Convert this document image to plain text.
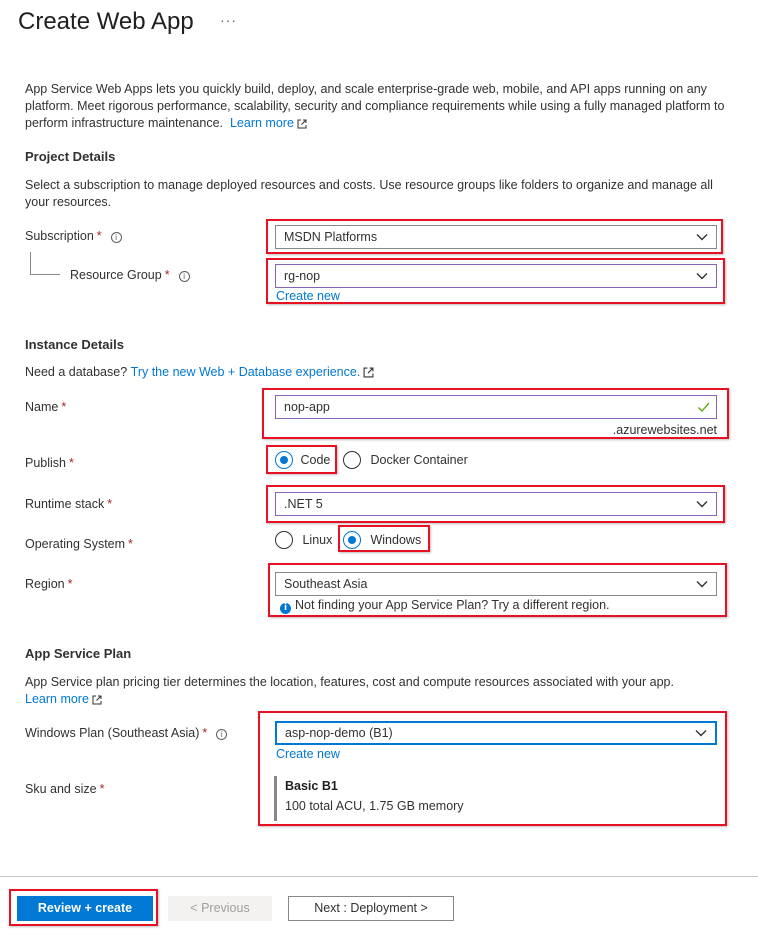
Create Web App ···
App Service Web Apps lets you quickly build, deploy, and scale enterprise-grade web, mobile, and API apps running on any platform. Meet rigorous performance, scalability, security and compliance requirements while using a fully managed platform to perform infrastructure maintenance. Learn more
Project Details
Select a subscription to manage deployed resources and costs. Use resource groups like folders to organize and manage all your resources.
Subscription * i	MSDN Platforms
Resource Group * i	rg-nop
Create new
Instance Details
Need a database? Try the new Web + Database experience.
Name *	nop-app
.azurewebsites.net
Publish *	Code	Docker Container
Runtime stack *	.NET 5
Operating System *	Linux	Windows
Region *	Southeast Asia
i Not finding your App Service Plan? Try a different region.
App Service Plan
App Service plan pricing tier determines the location, features, cost and compute resources associated with your app.
Learn more
Windows Plan (Southeast Asia) * i	asp-nop-demo (B1)
Create new
Sku and size *	Basic B1
100 total ACU, 1.75 GB memory
Review + create	< Previous	Next : Deployment >
